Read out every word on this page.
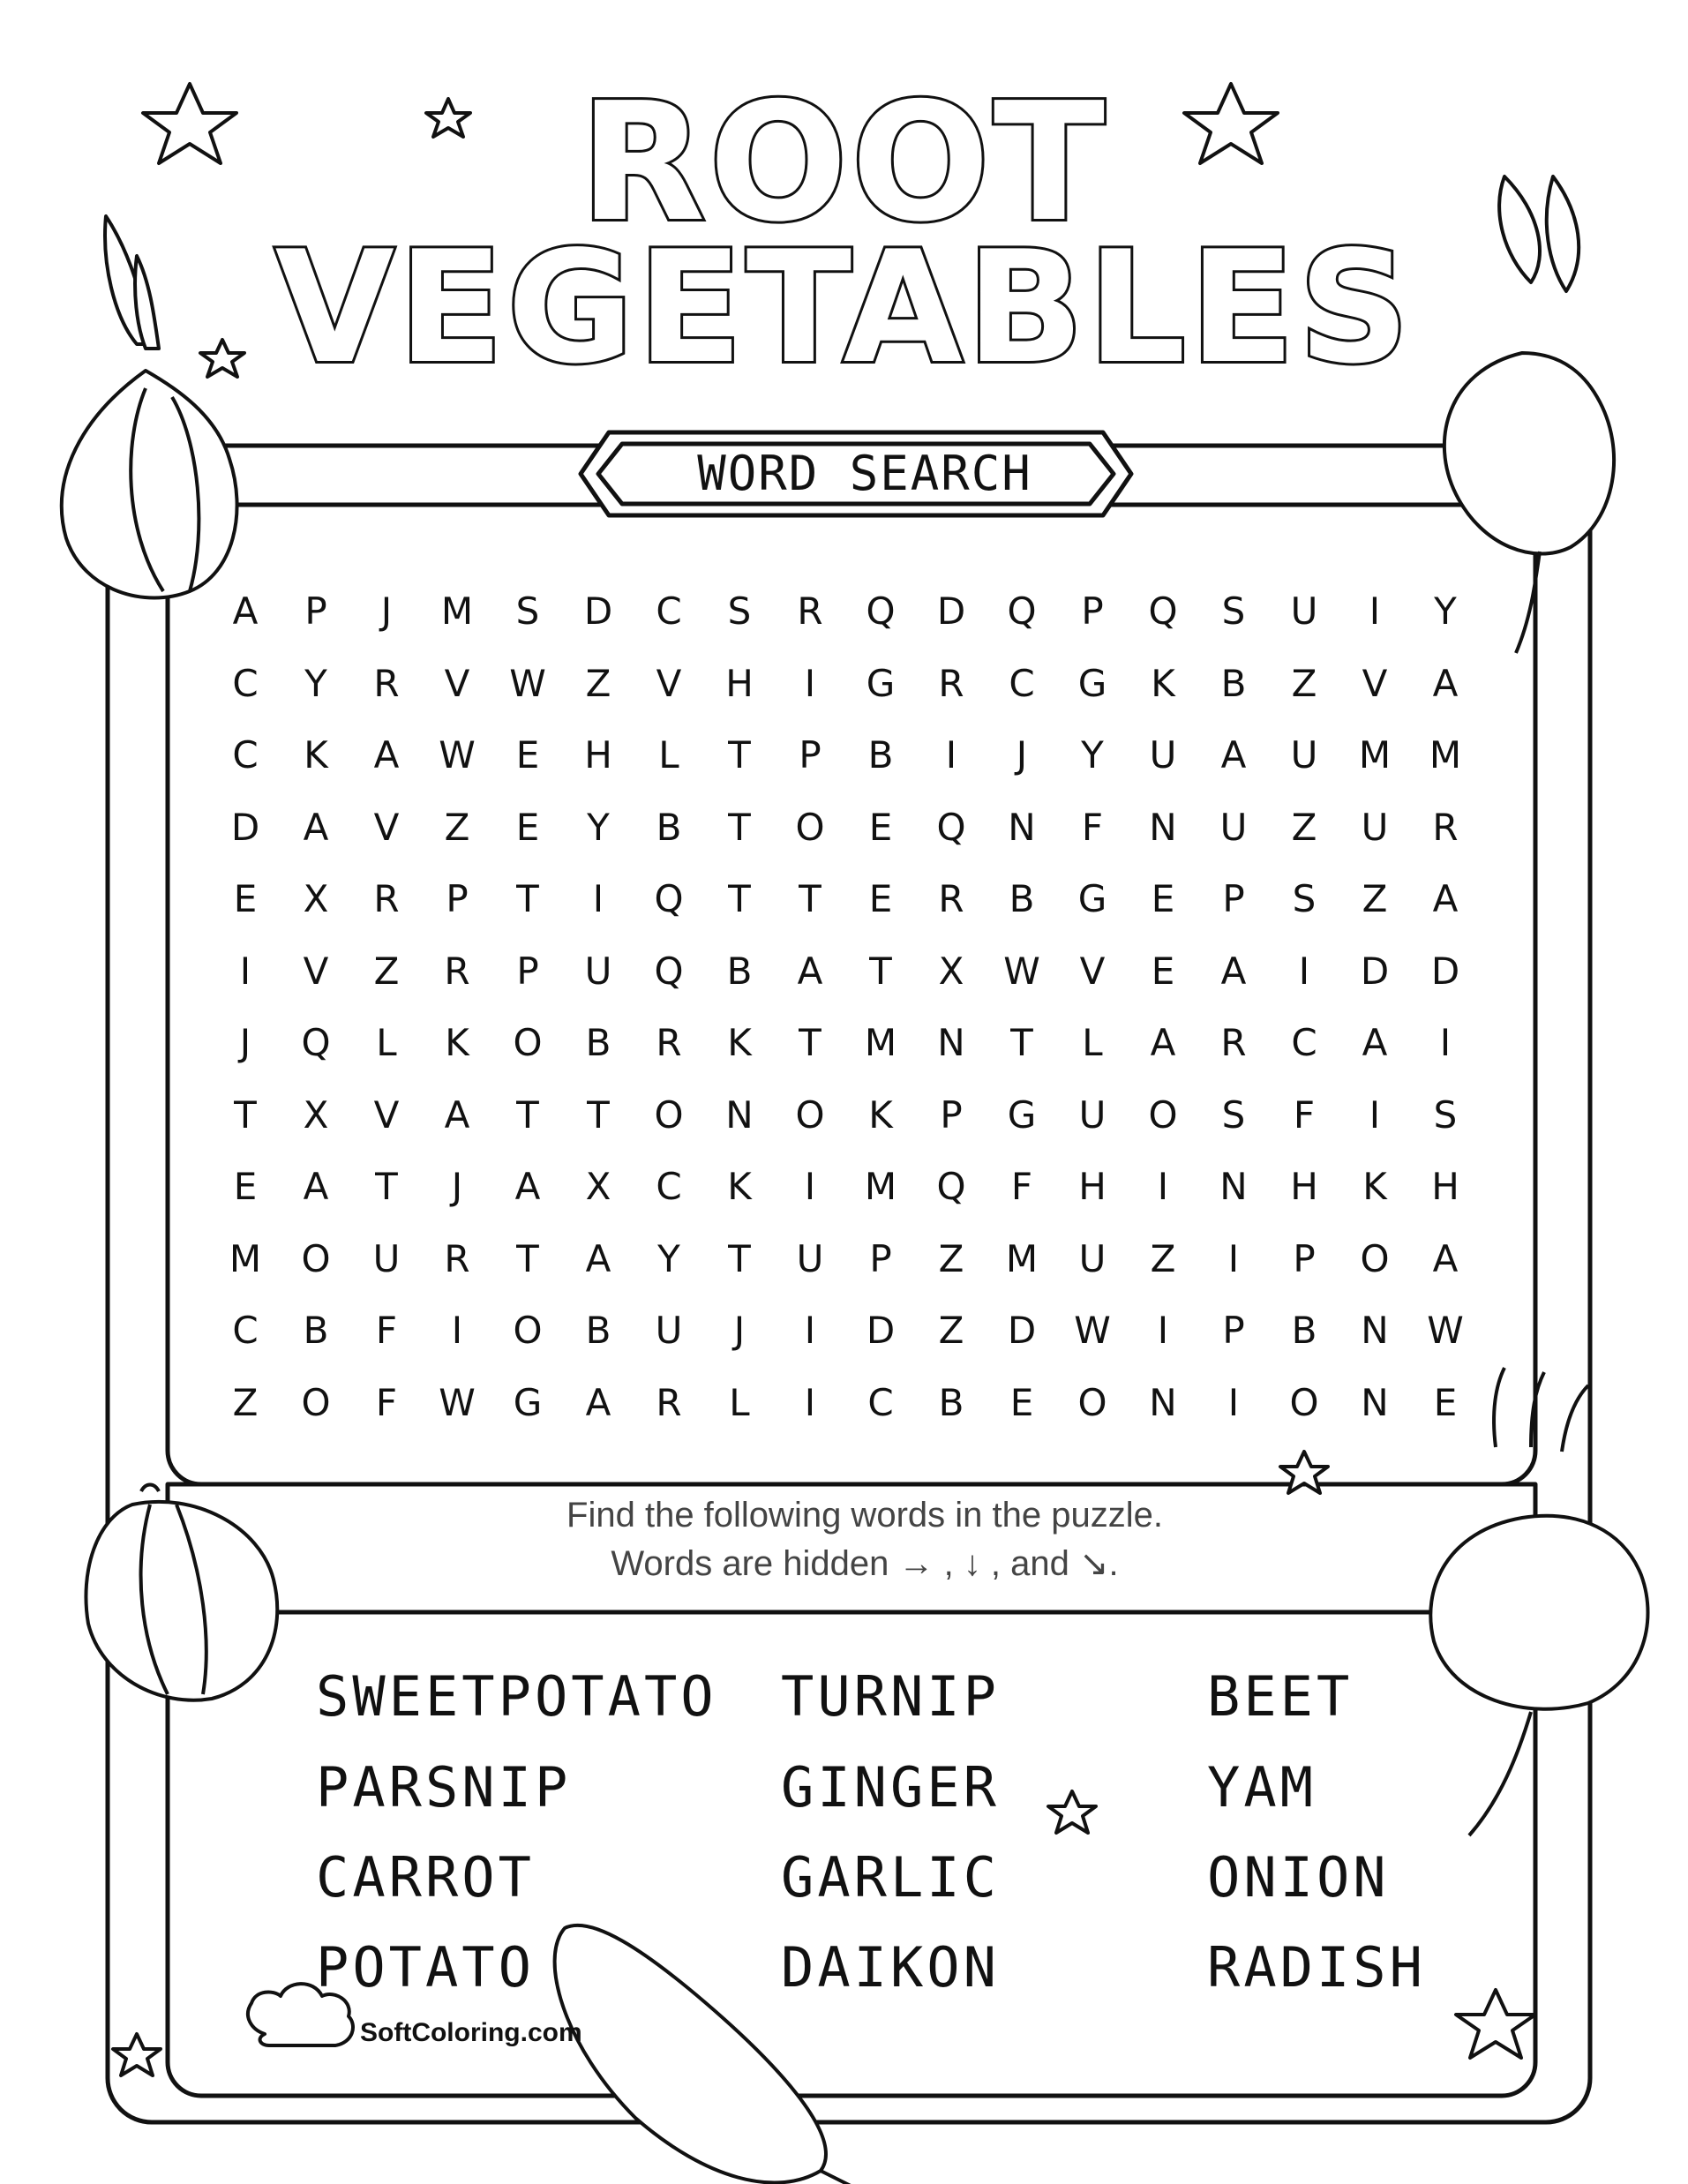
ROOT
VEGETABLES
WORD SEARCH
A	P	J	M	S	D	C	S	R	Q	D	Q	P	Q	S	U	I	Y
C	Y	R	V	W	Z	V	H	I	G	R	C	G	K	B	Z	V	A
C	K	A	W	E	H	L	T	P	B	I	J	Y	U	A	U	M	M
D	A	V	Z	E	Y	B	T	O	E	Q	N	F	N	U	Z	U	R
E	X	R	P	T	I	Q	T	T	E	R	B	G	E	P	S	Z	A
I	V	Z	R	P	U	Q	B	A	T	X	W	V	E	A	I	D	D
J	Q	L	K	O	B	R	K	T	M	N	T	L	A	R	C	A	I
T	X	V	A	T	T	O	N	O	K	P	G	U	O	S	F	I	S
E	A	T	J	A	X	C	K	I	M	Q	F	H	I	N	H	K	H
M	O	U	R	T	A	Y	T	U	P	Z	M	U	Z	I	P	O	A
C	B	F	I	O	B	U	J	I	D	Z	D	W	I	P	B	N	W
Z	O	F	W	G	A	R	L	I	C	B	E	O	N	I	O	N	E
Find the following words in the puzzle.
Words are hidden → , ↓ , and ↘.
SWEETPOTATO
PARSNIP
CARROT
POTATO
TURNIP
GINGER
GARLIC
DAIKON
BEET
YAM
ONION
RADISH
SoftColoring.com
